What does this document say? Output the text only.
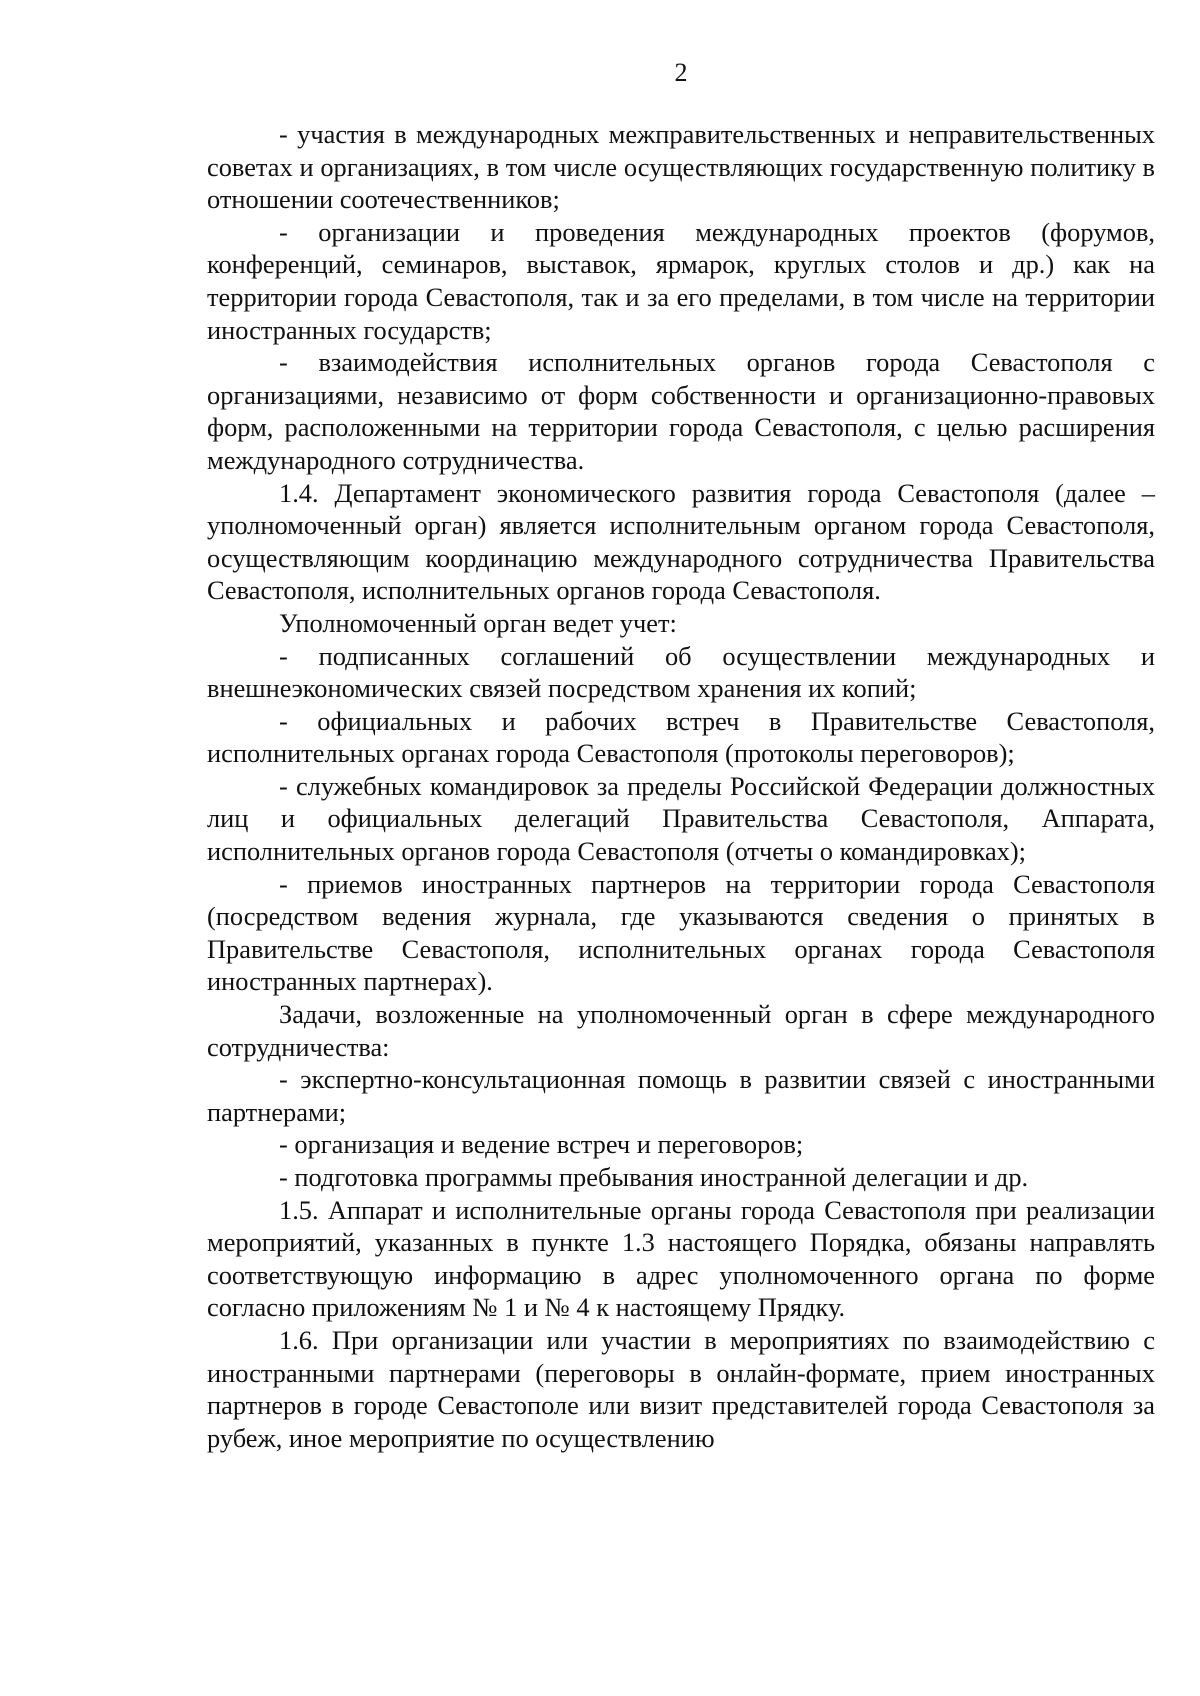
2

- участия в международных межправительственных и неправительственных советах и организациях, в том числе осуществляющих государственную политику в отношении соотечественников;

- организации и проведения международных проектов (форумов, конференций, семинаров, выставок, ярмарок, круглых столов и др.) как на территории города Севастополя, так и за его пределами, в том числе на территории иностранных государств;

- взаимодействия исполнительных органов города Севастополя с организациями, независимо от форм собственности и организационно-правовых форм, расположенными на территории города Севастополя, с целью расширения международного сотрудничества.

1.4. Департамент экономического развития города Севастополя (далее – уполномоченный орган) является исполнительным органом города Севастополя, осуществляющим координацию международного сотрудничества Правительства Севастополя, исполнительных органов города Севастополя.

Уполномоченный орган ведет учет:

- подписанных соглашений об осуществлении международных и внешнеэкономических связей посредством хранения их копий;

- официальных и рабочих встреч в Правительстве Севастополя, исполнительных органах города Севастополя (протоколы переговоров);

- служебных командировок за пределы Российской Федерации должностных лиц и официальных делегаций Правительства Севастополя, Аппарата, исполнительных органов города Севастополя (отчеты о командировках);

- приемов иностранных партнеров на территории города Севастополя (посредством ведения журнала, где указываются сведения о принятых в Правительстве Севастополя, исполнительных органах города Севастополя иностранных партнерах).

Задачи, возложенные на уполномоченный орган в сфере международного сотрудничества:

- экспертно-консультационная помощь в развитии связей с иностранными партнерами;

- организация и ведение встреч и переговоров;

- подготовка программы пребывания иностранной делегации и др.

1.5. Аппарат и исполнительные органы города Севастополя при реализации мероприятий, указанных в пункте 1.3 настоящего Порядка, обязаны направлять соответствующую информацию в адрес уполномоченного органа по форме согласно приложениям № 1 и № 4 к настоящему Прядку.

1.6. При организации или участии в мероприятиях по взаимодействию с иностранными партнерами (переговоры в онлайн-формате, прием иностранных партнеров в городе Севастополе или визит представителей города Севастополя за рубеж, иное мероприятие по осуществлению
